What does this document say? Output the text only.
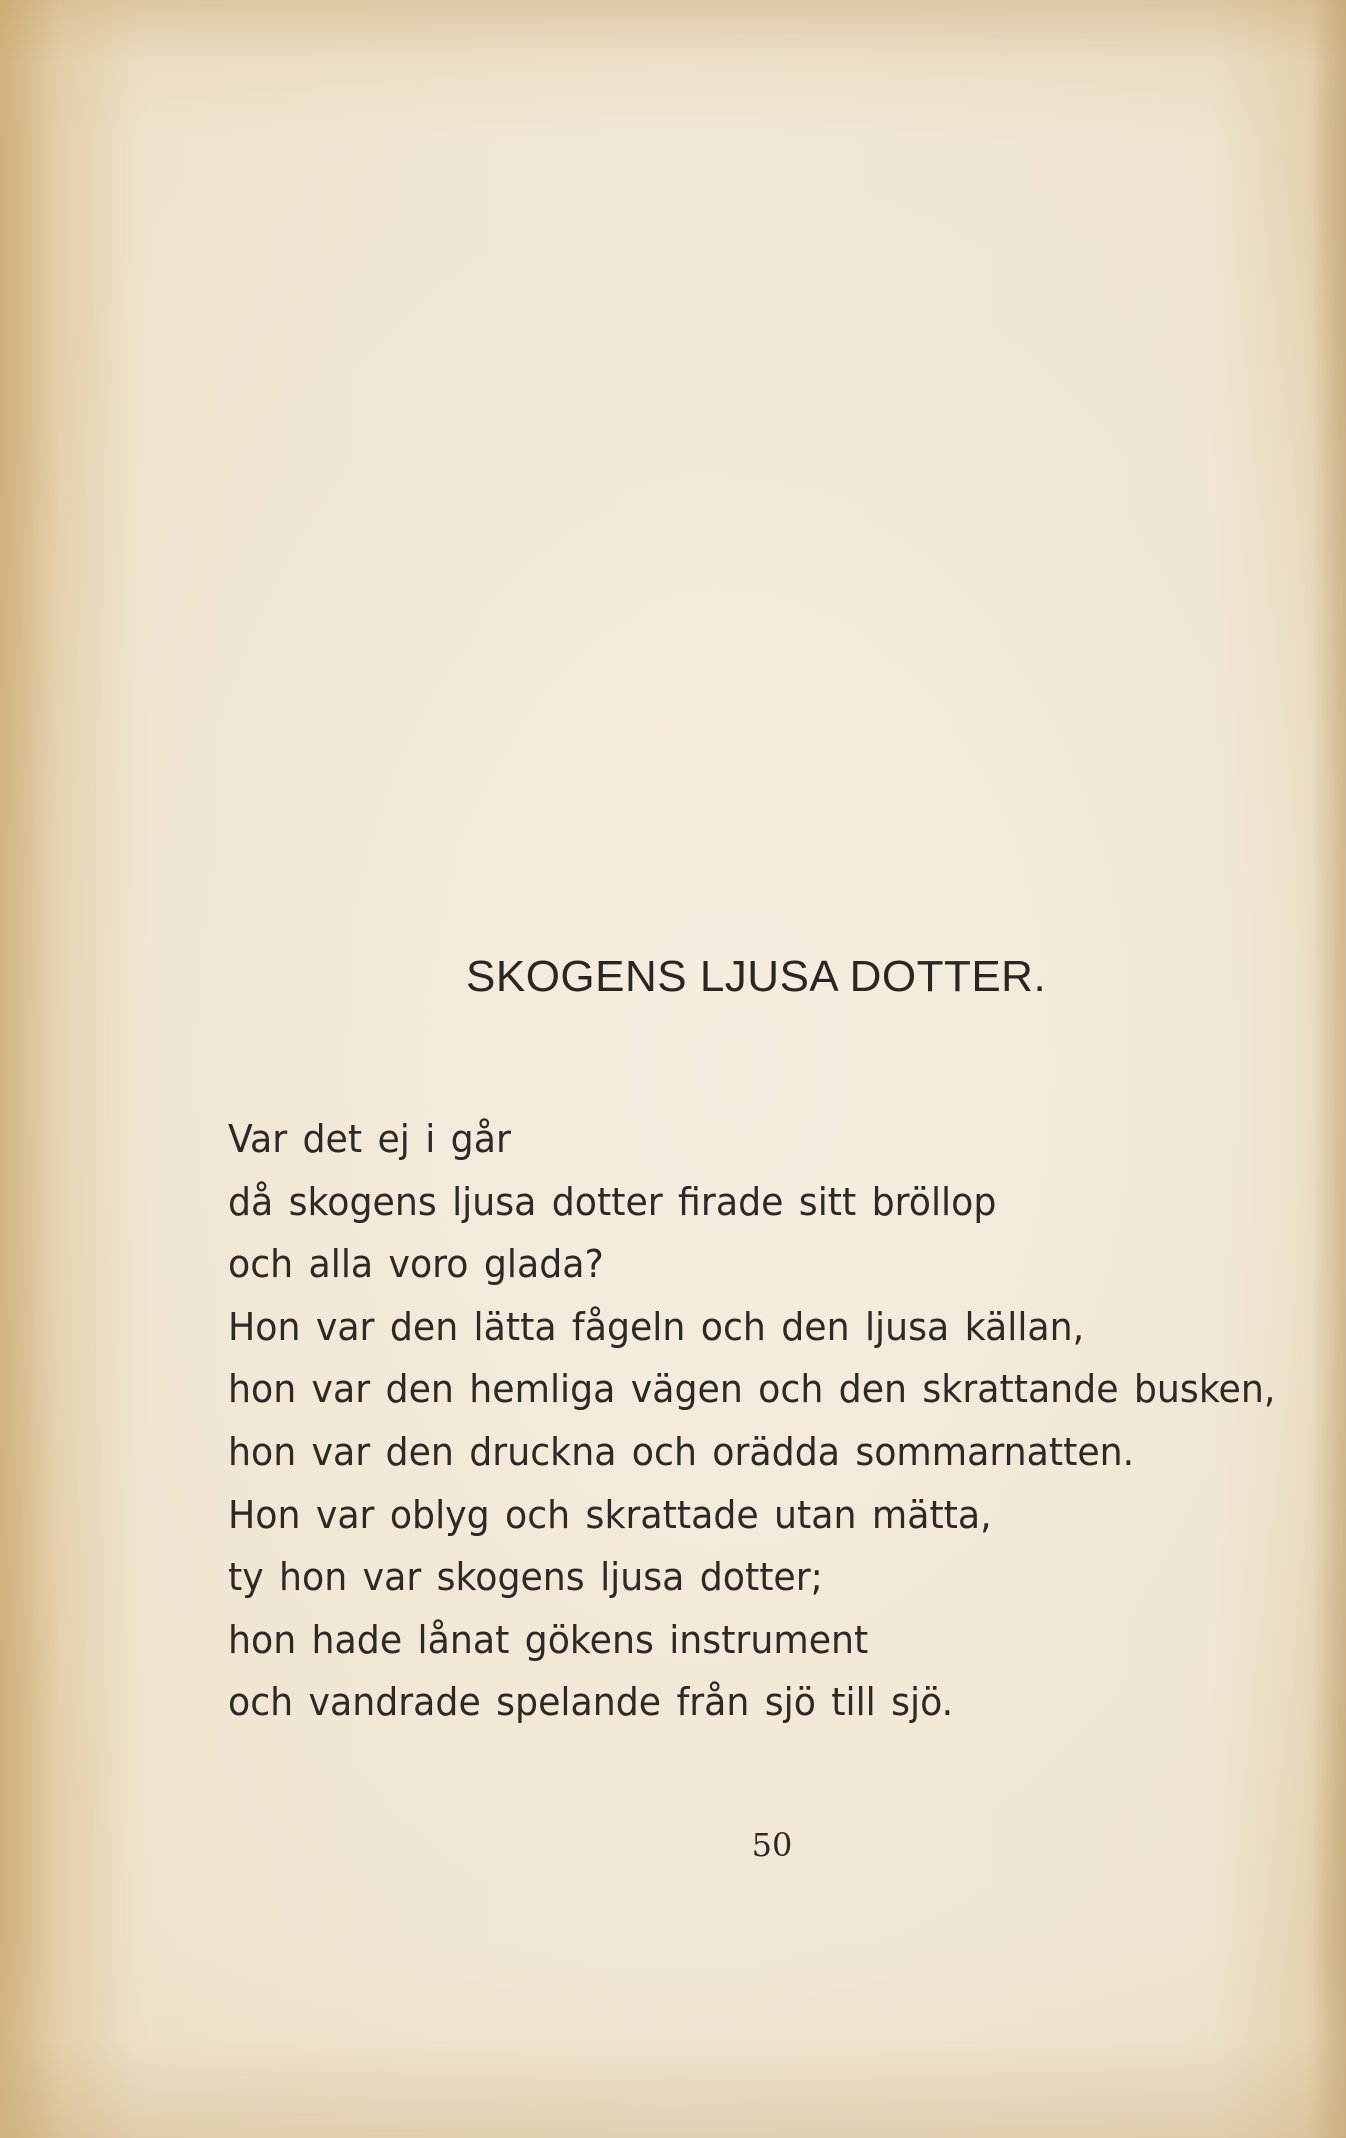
SKOGENS LJUSA DOTTER.
Var det ej i går
då skogens ljusa dotter firade sitt bröllop
och alla voro glada?
Hon var den lätta fågeln och den ljusa källan,
hon var den hemliga vägen och den skrattande busken,
hon var den druckna och orädda sommarnatten.
Hon var oblyg och skrattade utan mätta,
ty hon var skogens ljusa dotter;
hon hade lånat gökens instrument
och vandrade spelande från sjö till sjö.
50
